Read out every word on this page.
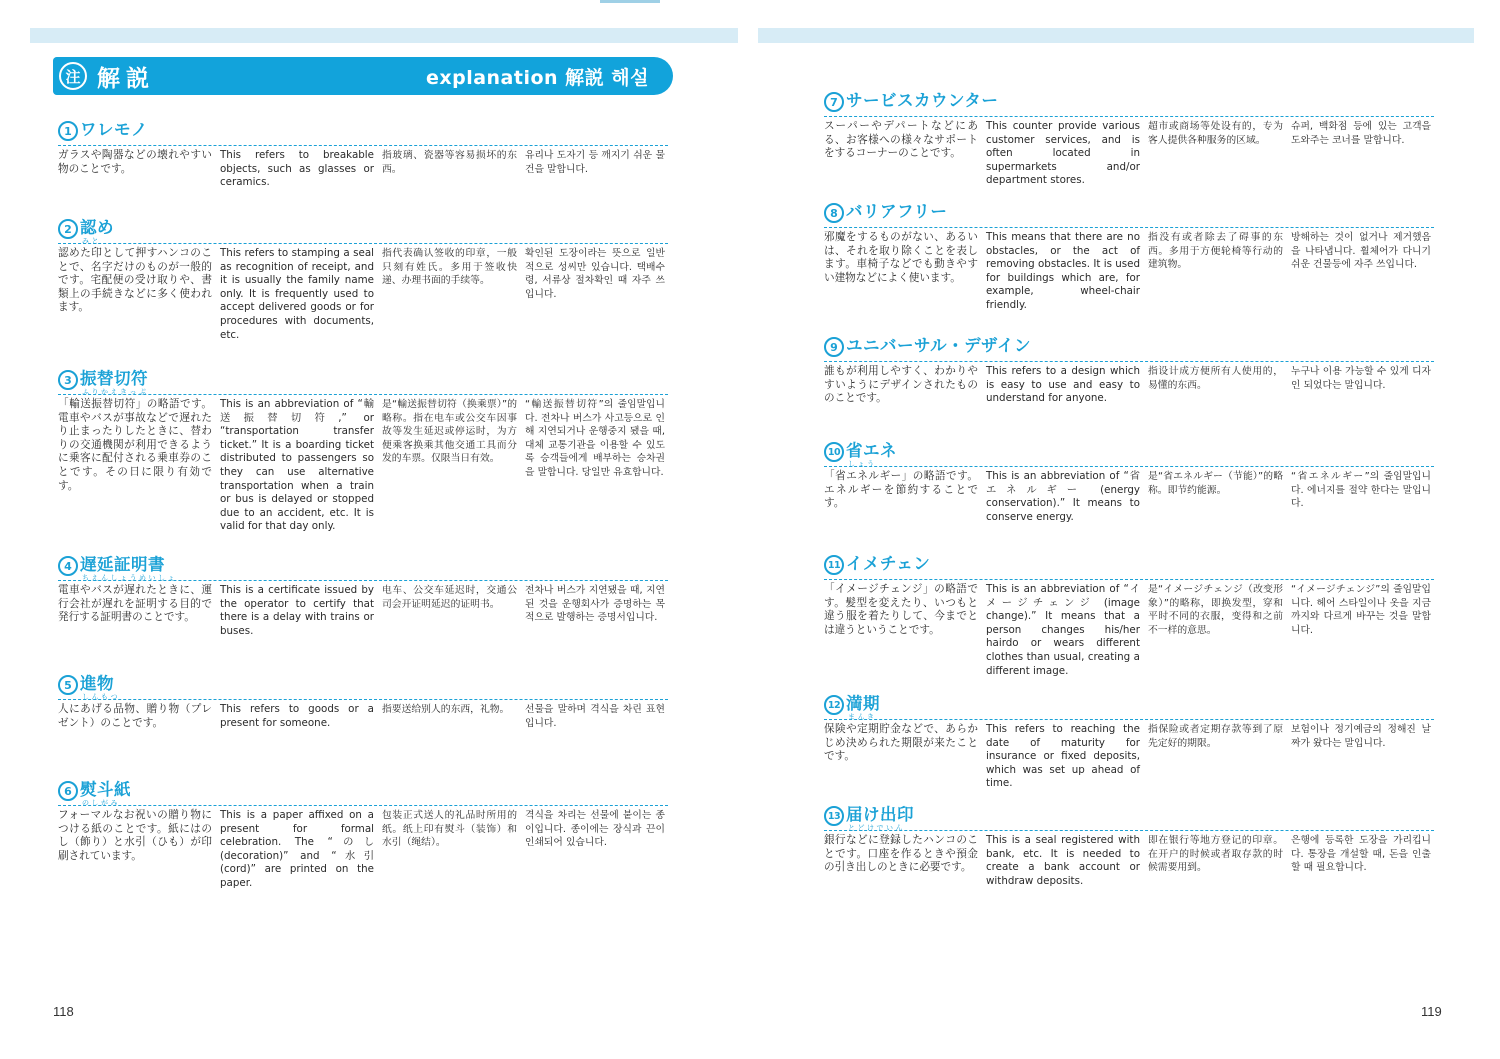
注 解説	explanation 解説 해설
1 ワレモノ
ガラスや陶器などの壊れやすい物のことです。
This refers to breakable objects, such as glasses or ceramics.
指玻璃、瓷器等容易损坏的东西。
유리나 도자기 등 깨지기 쉬운 물건을 말합니다.
2 認め
みと
認めた印として押すハンコのことで、名字だけのものが一般的です。宅配便の受け取りや、書類上の手続きなどに多く使われます。
This refers to stamping a seal as recognition of receipt, and it is usually the family name only. It is frequently used to accept delivered goods or for procedures with documents, etc.
指代表确认签收的印章，一般只刻有姓氏。多用于签收快递、办理书面的手续等。
확인된 도장이라는 뜻으로 일반적으로 성씨만 있습니다. 택배수령, 서류상 절차확인 때 자주 쓰입니다.
3 振替切符
ふりかえきっぷ
「輸送振替切符」の略語です。電車やバスが事故などで遅れたり止まったりしたときに、替わりの交通機関が利用できるように乗客に配付される乗車券のことです。その日に限り有効です。
This is an abbreviation of “輸送振替切符,” or “transportation transfer ticket.” It is a boarding ticket distributed to passengers so they can use alternative transportation when a train or bus is delayed or stopped due to an accident, etc. It is valid for that day only.
是“輸送振替切符（换乘票）”的略称。指在电车或公交车因事故等发生延迟或停运时，为方便乘客换乘其他交通工具而分发的车票。仅限当日有效。
“輸送振替切符”의 줄임말입니다. 전차나 버스가 사고등으로 인해 지연되거나 운행중지 됐을 때, 대체 교통기관을 이용할 수 있도록 승객들에게 배부하는 승차권을 말합니다. 당일만 유효합니다.
4 遅延証明書
ちえんしょうめいしょ
電車やバスが遅れたときに、運行会社が遅れを証明する目的で発行する証明書のことです。
This is a certificate issued by the operator to certify that there is a delay with trains or buses.
电车、公交车延迟时，交通公司会开证明延迟的证明书。
전차나 버스가 지연됐을 때, 지연된 것을 운행회사가 증명하는 목적으로 발행하는 증명서입니다.
5 進物
しんもつ
人にあげる品物、贈り物（プレゼント）のことです。
This refers to goods or a present for someone.
指要送给别人的东西，礼物。	선물을 말하며 격식을 차린 표현입니다.
6 熨斗紙
のしがみ
フォーマルなお祝いの贈り物につける紙のことです。紙にはのし（飾り）と水引（ひも）が印刷されています。
This is a paper affixed on a present for formal celebration. The “のし (decoration)” and “水引 (cord)” are printed on the paper.
包装正式送人的礼品时所用的纸。纸上印有熨斗（装饰）和水引（绳结）。
격식을 차리는 선물에 붙이는 종이입니다. 종이에는 장식과 끈이 인쇄되어 있습니다.
118
7 サービスカウンター
スーパーやデパートなどにある、お客様への様々なサポートをするコーナーのことです。
This counter provide various customer services, and is often located in supermarkets and/or department stores.
超市或商场等处设有的，专为客人提供各种服务的区域。
슈퍼, 백화점 등에 있는 고객을 도와주는 코너를 말합니다.
8 バリアフリー
邪魔をするものがない、あるいは、それを取り除くことを表します。車椅子などでも動きやすい建物などによく使います。
This means that there are no obstacles, or the act of removing obstacles. It is used for buildings which are, for example, wheel-chair friendly.
指没有或者除去了碍事的东西。多用于方便轮椅等行动的建筑物。
방해하는 것이 없거나 제거했음을 나타냅니다. 휠체어가 다니기 쉬운 건물등에 자주 쓰입니다.
9 ユニバーサル・デザイン
誰もが利用しやすく、わかりやすいようにデザインされたもののことです。
This refers to a design which is easy to use and easy to understand for anyone.
指设计成方便所有人使用的，易懂的东西。
누구나 이용 가능할 수 있게 디자인 되었다는 말입니다.
10 省エネ
しょう
「省エネルギー」の略語です。エネルギーを節約することです。
This is an abbreviation of “省エネルギー (energy conservation).” It means to conserve energy.
是“省エネルギー（节能）”的略称。即节约能源。
“省エネルギー”의 줄임말입니다. 에너지를 절약 한다는 말입니다.
11 イメチェン
「イメージチェンジ」の略語です。髪型を変えたり、いつもと違う服を着たりして、今までとは違うということです。
This is an abbreviation of “イメージチェンジ (image change).” It means that a person changes his/her hairdo or wears different clothes than usual, creating a different image.
是“イメージチェンジ（改变形象）”的略称，即换发型，穿和平时不同的衣服，变得和之前不一样的意思。
“イメージチェンジ”의 줄임말입니다. 헤어 스타일이나 옷을 지금까지와 다르게 바꾸는 것을 말합니다.
12 満期
まんき
保険や定期貯金などで、あらかじめ決められた期限が来たことです。
This refers to reaching the date of maturity for insurance or fixed deposits, which was set up ahead of time.
指保险或者定期存款等到了原先定好的期限。
보험이나 정기예금의 정해진 날짜가 왔다는 말입니다.
13 届け出印
とどけでいん
銀行などに登録したハンコのことです。口座を作るときや預金の引き出しのときに必要です。
This is a seal registered with bank, etc. It is needed to create a bank account or withdraw deposits.
即在银行等地方登记的印章。在开户的时候或者取存款的时候需要用到。
은행에 등록한 도장을 가리킵니다. 통장을 개설할 때, 돈을 인출할 때 필요합니다.
119
